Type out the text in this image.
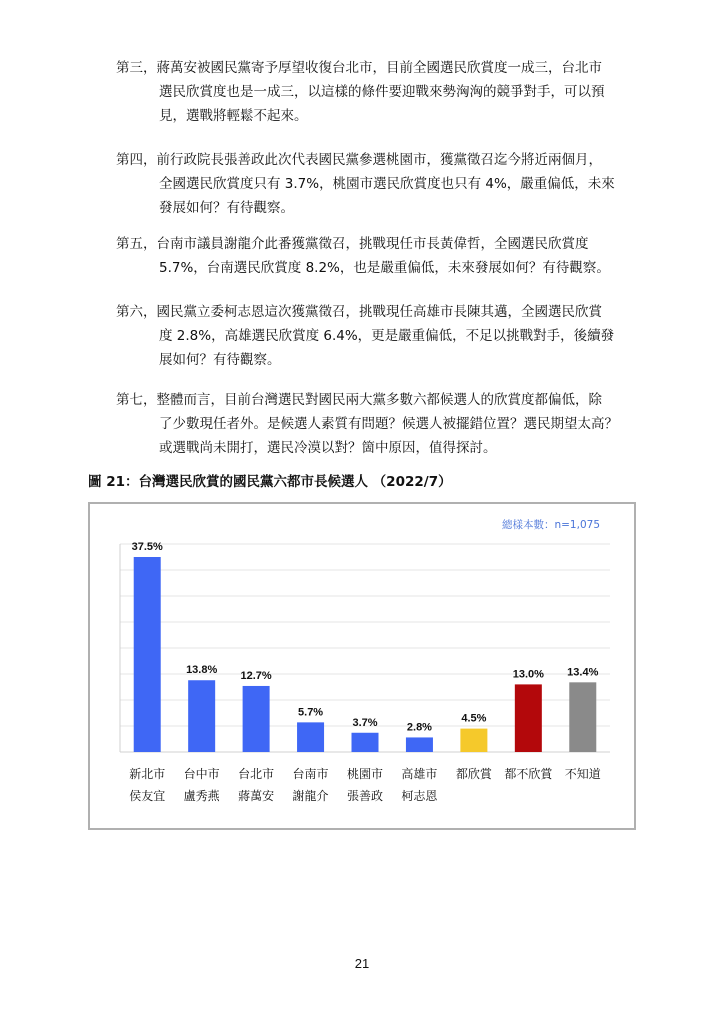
第三，蔣萬安被國民黨寄予厚望收復台北市，目前全國選民欣賞度一成三，台北市
選民欣賞度也是一成三，以這樣的條件要迎戰來勢洶洶的競爭對手，可以預
見，選戰將輕鬆不起來。
第四，前行政院長張善政此次代表國民黨參選桃園市，獲黨徵召迄今將近兩個月，
全國選民欣賞度只有 3.7%，桃園市選民欣賞度也只有 4%，嚴重偏低，未來
發展如何？有待觀察。
第五，台南市議員謝龍介此番獲黨徵召，挑戰現任市長黃偉哲，全國選民欣賞度
5.7%，台南選民欣賞度 8.2%，也是嚴重偏低，未來發展如何？有待觀察。
第六，國民黨立委柯志恩這次獲黨徵召，挑戰現任高雄市長陳其邁，全國選民欣賞
度 2.8%，高雄選民欣賞度 6.4%，更是嚴重偏低，不足以挑戰對手，後續發
展如何？有待觀察。
第七，整體而言，目前台灣選民對國民兩大黨多數六都候選人的欣賞度都偏低，除
了少數現任者外。是候選人素質有問題？候選人被擺錯位置？選民期望太高？
或選戰尚未開打，選民冷漠以對？箇中原因，值得探討。
圖 21：台灣選民欣賞的國民黨六都市長候選人 （2022/7）
總樣本數：n=1,075
37.5%
新北市
侯友宜
13.8%
台中市
盧秀燕
12.7%
台北市
蔣萬安
5.7%
台南市
謝龍介
3.7%
桃園市
張善政
2.8%
高雄市
柯志恩
4.5%
都欣賞
13.0%
都不欣賞
13.4%
不知道
21
